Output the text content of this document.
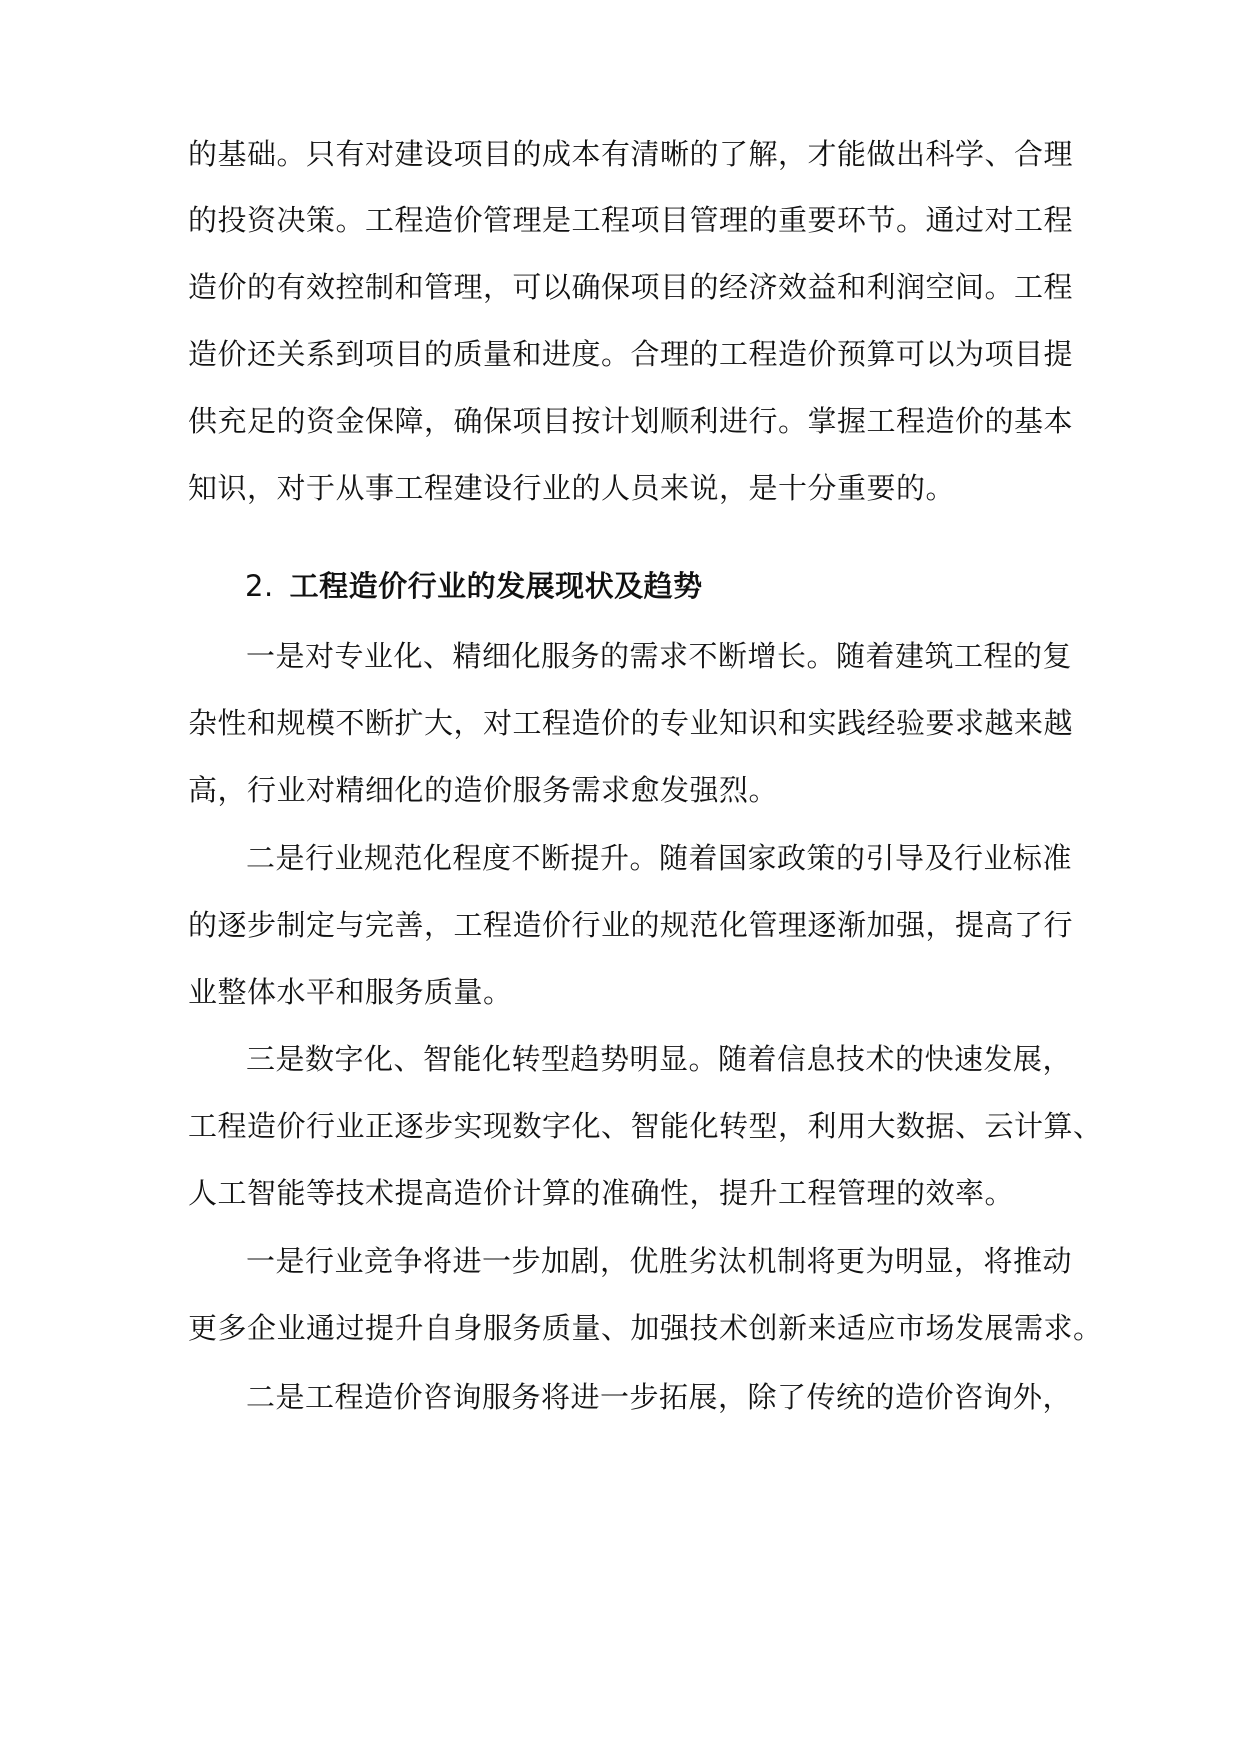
的基础。只有对建设项目的成本有清晰的了解，才能做出科学、合理
的投资决策。工程造价管理是工程项目管理的重要环节。通过对工程
造价的有效控制和管理，可以确保项目的经济效益和利润空间。工程
造价还关系到项目的质量和进度。合理的工程造价预算可以为项目提
供充足的资金保障，确保项目按计划顺利进行。掌握工程造价的基本
知识，对于从事工程建设行业的人员来说，是十分重要的。
2. 工程造价行业的发展现状及趋势
一是对专业化、精细化服务的需求不断增长。随着建筑工程的复
杂性和规模不断扩大，对工程造价的专业知识和实践经验要求越来越
高，行业对精细化的造价服务需求愈发强烈。
二是行业规范化程度不断提升。随着国家政策的引导及行业标准
的逐步制定与完善，工程造价行业的规范化管理逐渐加强，提高了行
业整体水平和服务质量。
三是数字化、智能化转型趋势明显。随着信息技术的快速发展，
工程造价行业正逐步实现数字化、智能化转型，利用大数据、云计算、
人工智能等技术提高造价计算的准确性，提升工程管理的效率。
一是行业竞争将进一步加剧，优胜劣汰机制将更为明显，将推动
更多企业通过提升自身服务质量、加强技术创新来适应市场发展需求。
二是工程造价咨询服务将进一步拓展，除了传统的造价咨询外，
